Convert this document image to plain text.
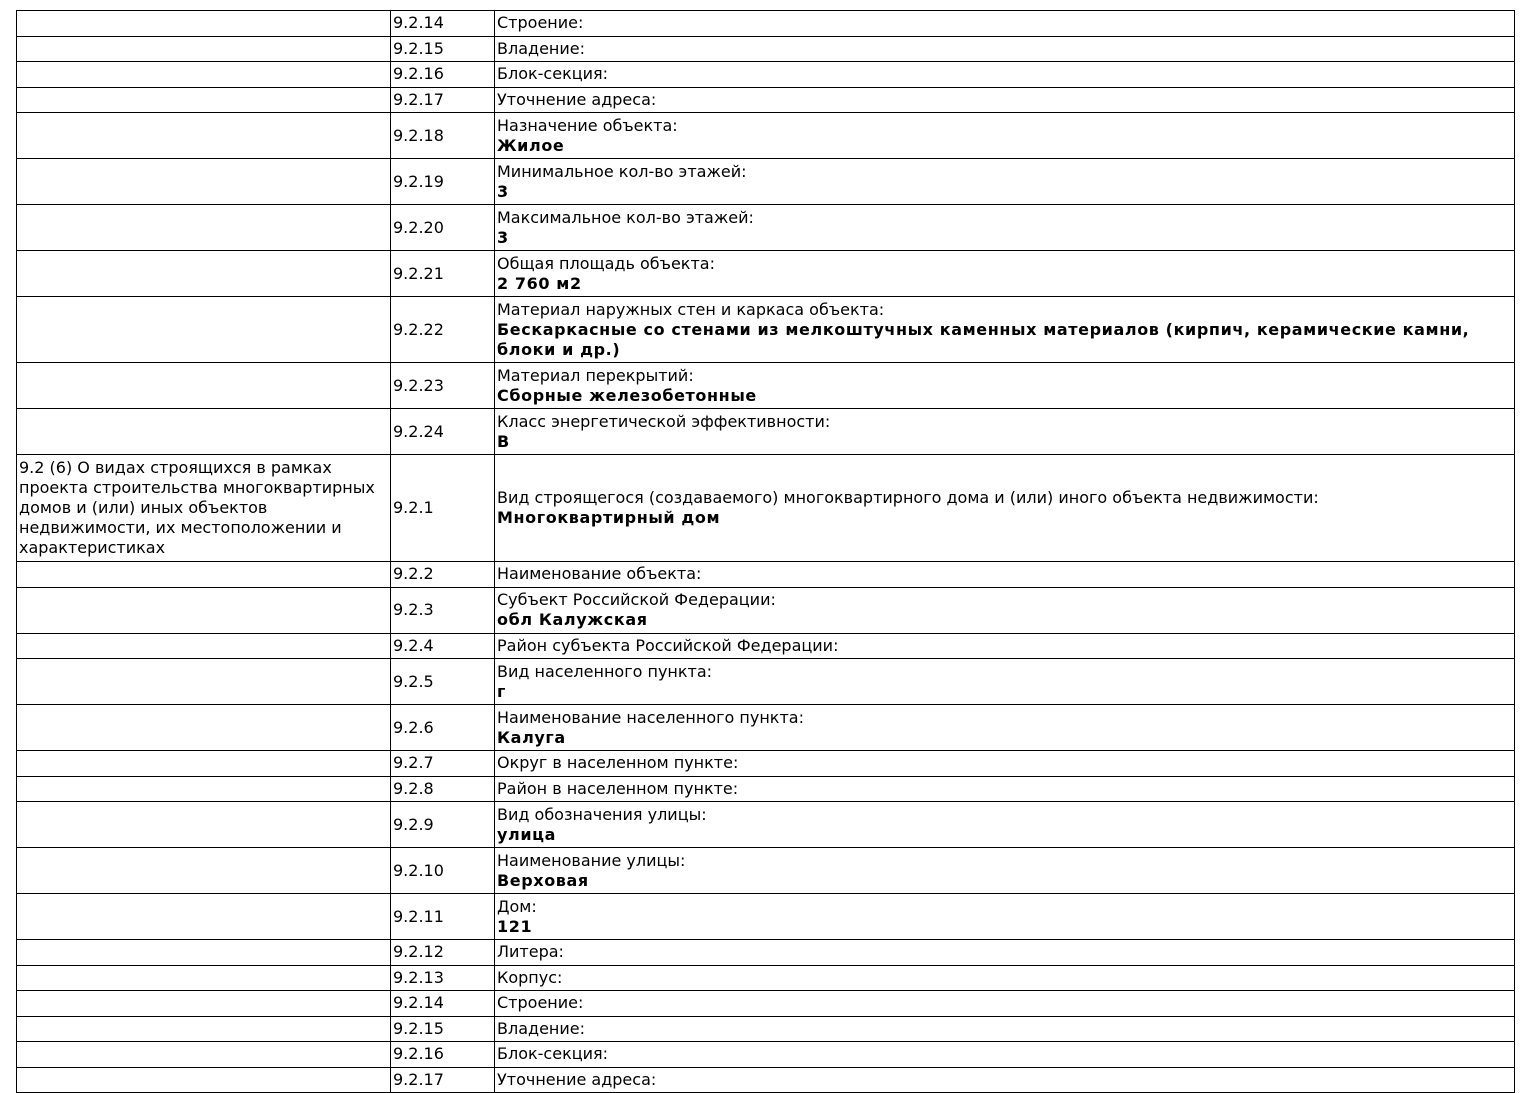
	9.2.14	Строение:

	9.2.15	Владение:

	9.2.16	Блок-секция:

	9.2.17	Уточнение адреса:

	9.2.18	Назначение объекта:
Жилое

	9.2.19	Минимальное кол-во этажей:
3

	9.2.20	Максимальное кол-во этажей:
3

	9.2.21	Общая площадь объекта:
2 760 м2

	9.2.22	Материал наружных стен и каркаса объекта:
Бескаркасные со стенами из мелкоштучных каменных материалов (кирпич, керамические камни, блоки и др.)

	9.2.23	Материал перекрытий:
Сборные железобетонные

	9.2.24	Класс энергетической эффективности:
В

9.2 (6) О видах строящихся в рамках проекта строительства многоквартирных домов и (или) иных объектов недвижимости, их местоположении и характеристиках	9.2.1	Вид строящегося (создаваемого) многоквартирного дома и (или) иного объекта недвижимости:
Многоквартирный дом

	9.2.2	Наименование объекта:

	9.2.3	Субъект Российской Федерации:
обл Калужская

	9.2.4	Район субъекта Российской Федерации:

	9.2.5	Вид населенного пункта:
г

	9.2.6	Наименование населенного пункта:
Калуга

	9.2.7	Округ в населенном пункте:

	9.2.8	Район в населенном пункте:

	9.2.9	Вид обозначения улицы:
улица

	9.2.10	Наименование улицы:
Верховая

	9.2.11	Дом:
121

	9.2.12	Литера:

	9.2.13	Корпус:

	9.2.14	Строение:

	9.2.15	Владение:

	9.2.16	Блок-секция:

	9.2.17	Уточнение адреса:
